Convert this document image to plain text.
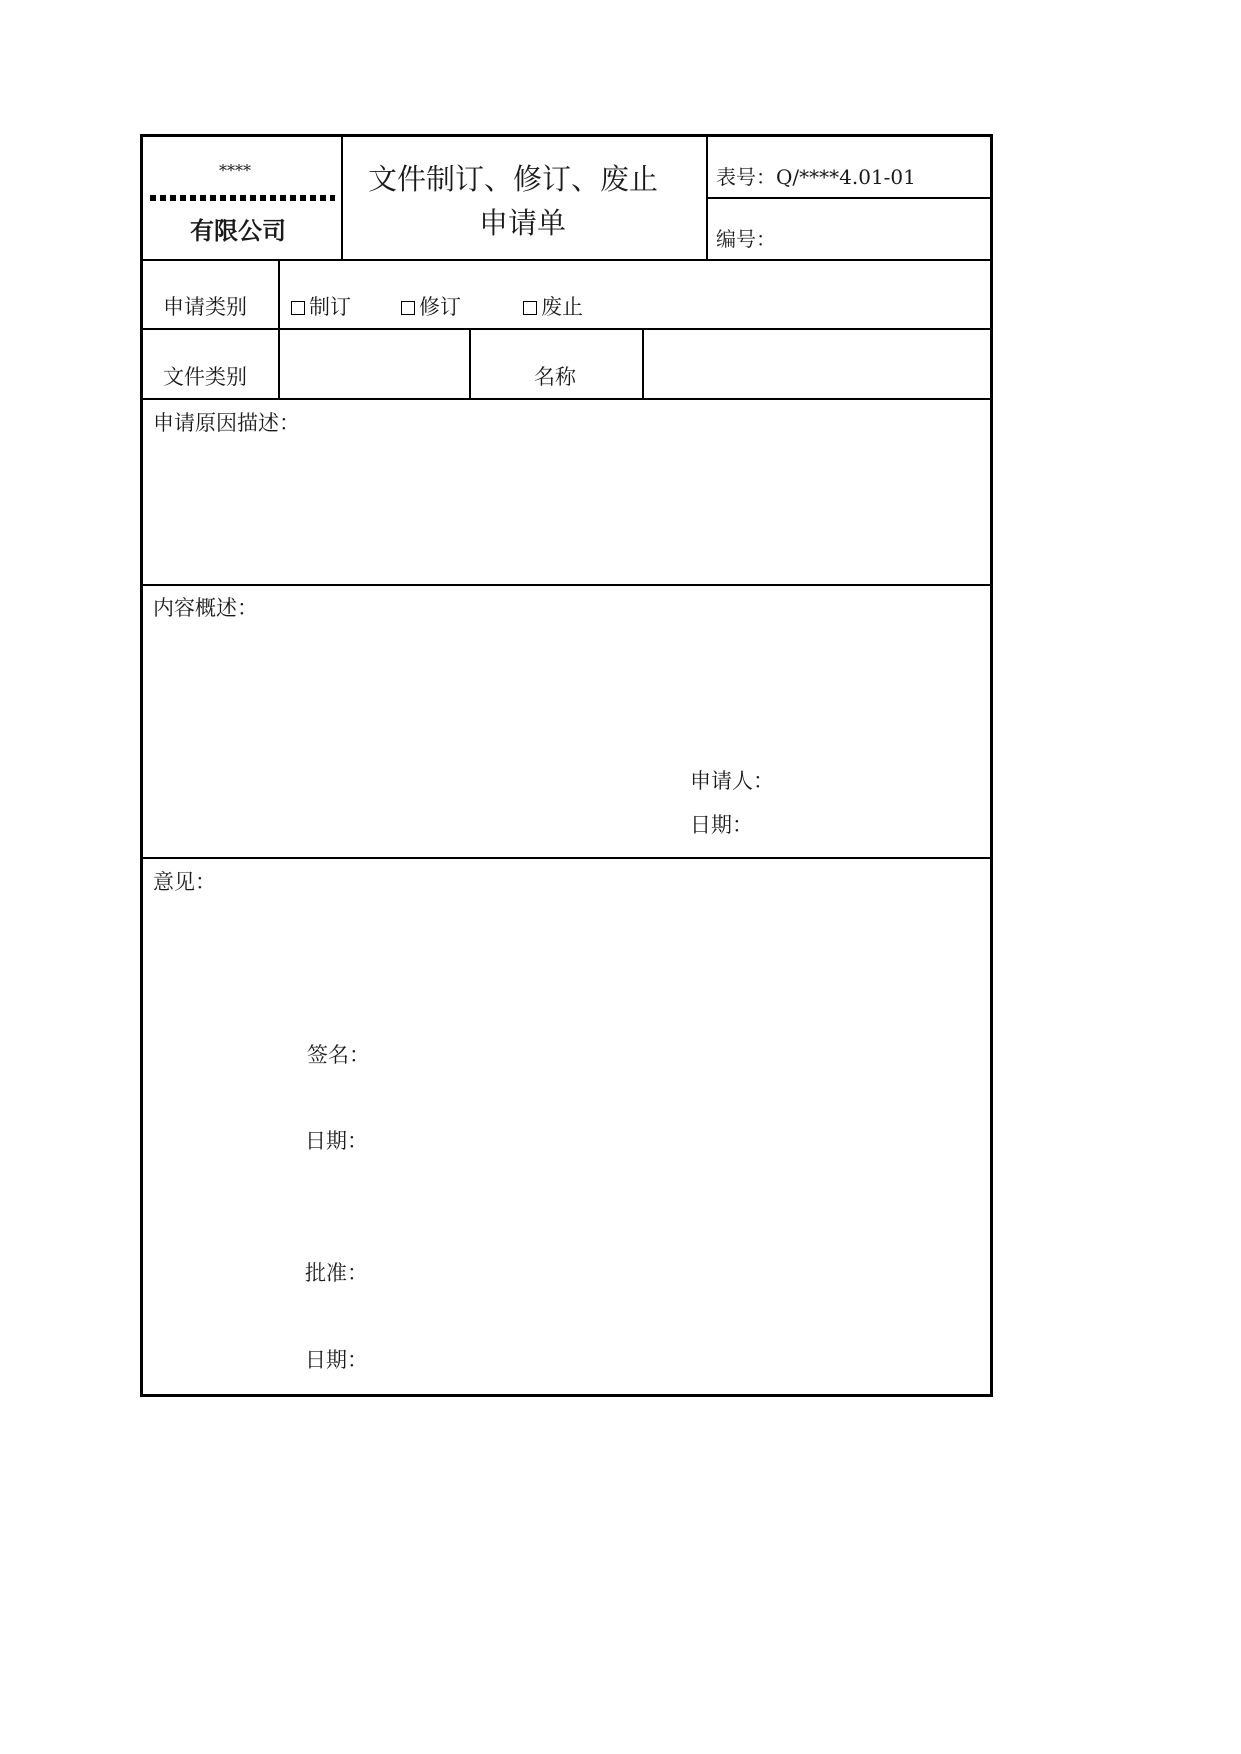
****
有限公司
文件制订、修订、废止
申请单
表号：Q/****4.01-01
编号：
申请类别	制订	修订	废止
文件类别	名称
申请原因描述：
内容概述：
申请人：
日期：
意见：
签名：
日期：
批准：
日期：
